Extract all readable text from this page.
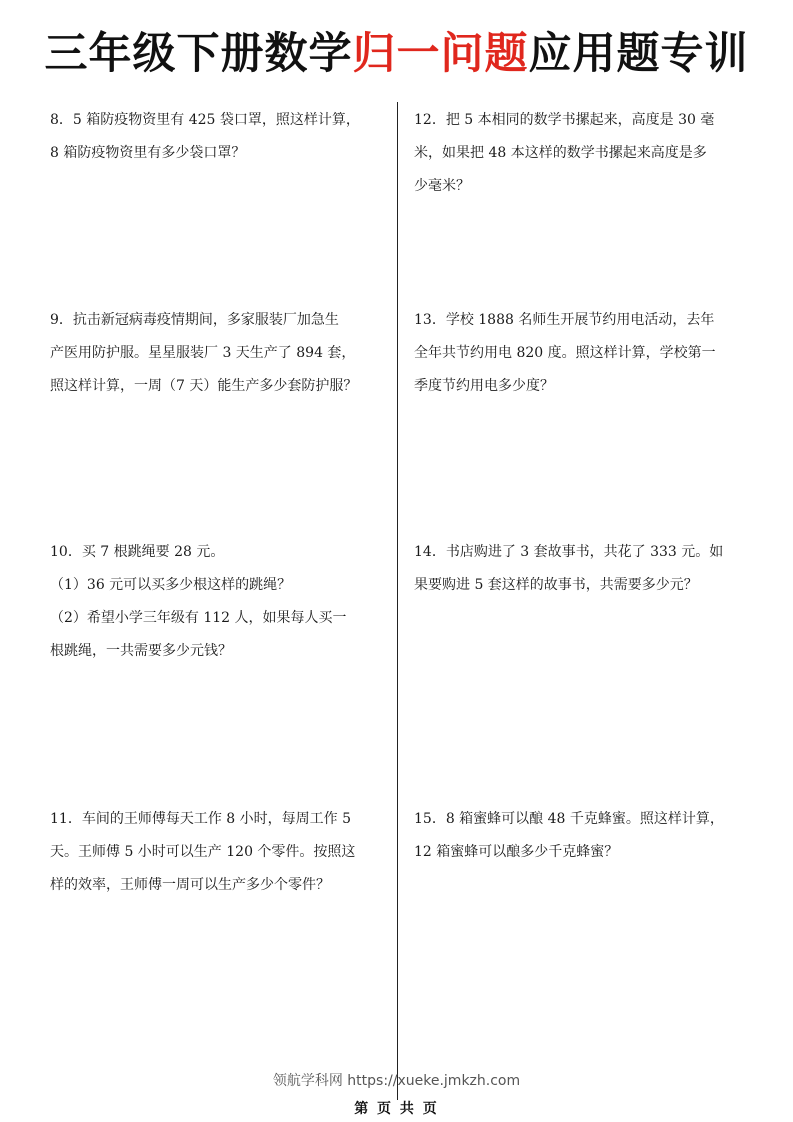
三年级下册数学归一问题应用题专训

8．5 箱防疫物资里有 425 袋口罩，照这样计算，

8 箱防疫物资里有多少袋口罩？

9．抗击新冠病毒疫情期间，多家服装厂加急生

产医用防护服。星星服装厂 3 天生产了 894 套，

照这样计算，一周（7 天）能生产多少套防护服？

10．买 7 根跳绳要 28 元。

（1）36 元可以买多少根这样的跳绳？

（2）希望小学三年级有 112 人，如果每人买一

根跳绳，一共需要多少元钱？

11．车间的王师傅每天工作 8 小时，每周工作 5

天。王师傅 5 小时可以生产 120 个零件。按照这

样的效率，王师傅一周可以生产多少个零件？

12．把 5 本相同的数学书摞起来，高度是 30 毫

米，如果把 48 本这样的数学书摞起来高度是多

少毫米？

13．学校 1888 名师生开展节约用电活动，去年

全年共节约用电 820 度。照这样计算，学校第一

季度节约用电多少度？

14．书店购进了 3 套故事书，共花了 333 元。如

果要购进 5 套这样的故事书，共需要多少元？

15．8 箱蜜蜂可以酿 48 千克蜂蜜。照这样计算，

12 箱蜜蜂可以酿多少千克蜂蜜？

领航学科网 https://xueke.jmkzh.com
第 页 共 页
